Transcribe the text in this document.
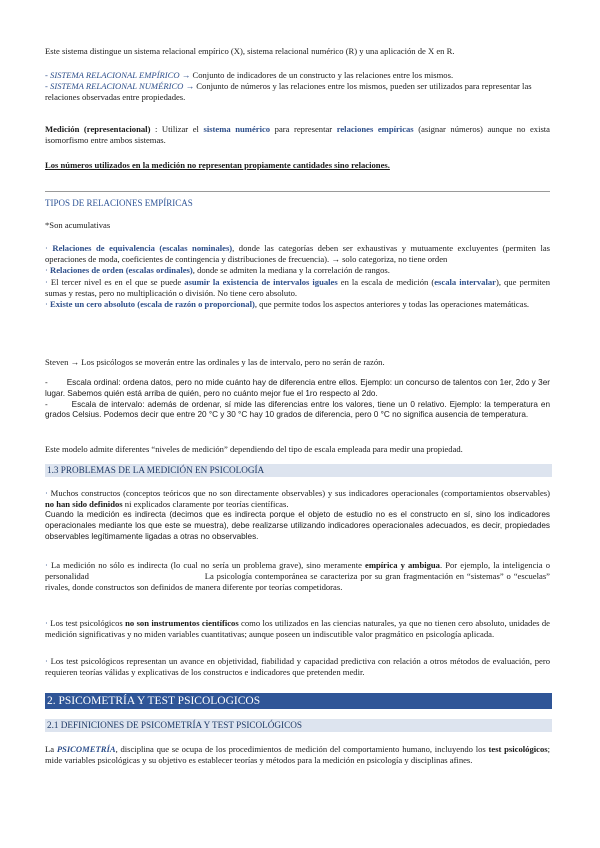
Este sistema distingue un sistema relacional empírico (X), sistema relacional numérico (R) y una aplicación de X en R.

- SISTEMA RELACIONAL EMPÍRICO → Conjunto de indicadores de un constructo y las relaciones entre los mismos.

- SISTEMA RELACIONAL NUMÉRICO → Conjunto de números y las relaciones entre los mismos, pueden ser utilizados para representar las relaciones observadas entre propiedades.

Medición (representacional) : Utilizar el sistema numérico para representar relaciones empíricas (asignar números) aunque no exista isomorfismo entre ambos sistemas.

Los números utilizados en la medición no representan propiamente cantidades sino relaciones.

TIPOS DE RELACIONES EMPÍRICAS

*Son acumulativas

· Relaciones de equivalencia (escalas nominales), donde las categorías deben ser exhaustivas y mutuamente excluyentes (permiten las operaciones de moda, coeficientes de contingencia y distribuciones de frecuencia). → solo categoriza, no tiene orden

· Relaciones de orden (escalas ordinales), donde se admiten la mediana y la correlación de rangos.

· El tercer nivel es en el que se puede asumir la existencia de intervalos iguales en la escala de medición (escala intervalar), que permiten sumas y restas, pero no multiplicación o división. No tiene cero absoluto.

· Existe un cero absoluto (escala de razón o proporcional), que permite todos los aspectos anteriores y todas las operaciones matemáticas.

Steven → Los psicólogos se moverán entre las ordinales y las de intervalo, pero no serán de razón.

-        Escala ordinal: ordena datos, pero no mide cuánto hay de diferencia entre ellos. Ejemplo: un concurso de talentos con 1er, 2do y 3er lugar. Sabemos quién está arriba de quién, pero no cuánto mejor fue el 1ro respecto al 2do.

-        Escala de intervalo: además de ordenar, sí mide las diferencias entre los valores, tiene un 0 relativo. Ejemplo: la temperatura en grados Celsius. Podemos decir que entre 20 °C y 30 °C hay 10 grados de diferencia, pero 0 °C no significa ausencia de temperatura.

Este modelo admite diferentes “niveles de medición” dependiendo del tipo de escala empleada para medir una propiedad.

1.3 PROBLEMAS DE LA MEDICIÓN EN PSICOLOGÍA

· Muchos constructos (conceptos teóricos que no son directamente observables) y sus indicadores operacionales (comportamientos observables) no han sido definidos ni explicados claramente por teorías científicas.

Cuando la medición es indirecta (decimos que es indirecta porque el objeto de estudio no es el constructo en sí, sino los indicadores operacionales mediante los que este se muestra), debe realizarse utilizando indicadores operacionales adecuados, es decir, propiedades observables legítimamente ligadas a otras no observables.

· La medición no sólo es indirecta (lo cual no sería un problema grave), sino meramente empírica y ambigua. Por ejemplo, la inteligencia o personalidad	La psicología contemporánea se caracteriza por su gran fragmentación en “sistemas” o “escuelas” rivales, donde constructos son definidos de manera diferente por teorías competidoras.

· Los test psicológicos no son instrumentos científicos como los utilizados en las ciencias naturales, ya que no tienen cero absoluto, unidades de medición significativas y no miden variables cuantitativas; aunque poseen un indiscutible valor pragmático en psicología aplicada.

· Los test psicológicos representan un avance en objetividad, fiabilidad y capacidad predictiva con relación a otros métodos de evaluación, pero requieren teorías válidas y explicativas de los constructos e indicadores que pretenden medir.

2. PSICOMETRÍA Y TEST PSICOLOGICOS
2.1 DEFINICIONES DE PSICOMETRÍA Y TEST PSICOLÓGICOS

La PSICOMETRÍA, disciplina que se ocupa de los procedimientos de medición del comportamiento humano, incluyendo los test psicológicos; mide variables psicológicas y su objetivo es establecer teorías y métodos para la medición en psicología y disciplinas afines.
